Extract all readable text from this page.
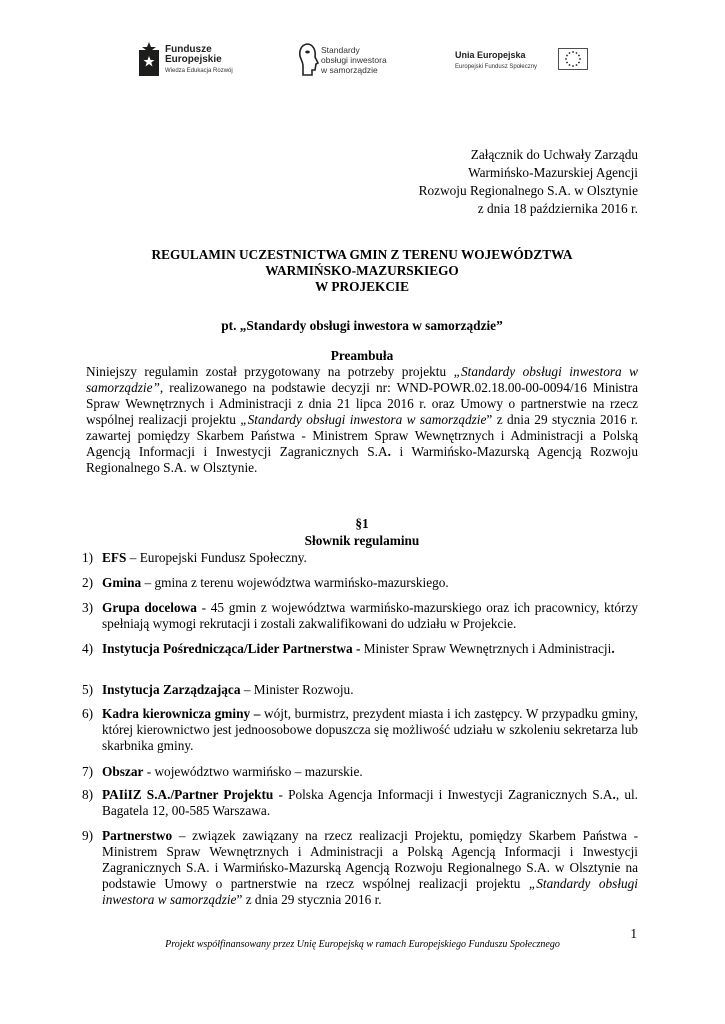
Fundusze
Europejskie
Wiedza Edukacja Rozwój
Standardy
obsługi inwestora
w samorządzie
Unia Europejska
Europejski Fundusz Społeczny
Załącznik do Uchwały Zarządu
Warmińsko-Mazurskiej Agencji
Rozwoju Regionalnego S.A. w Olsztynie
z dnia 18 października 2016 r.
REGULAMIN UCZESTNICTWA GMIN Z TERENU WOJEWÓDZTWA
WARMIŃSKO-MAZURSKIEGO
W PROJEKCIE
pt. „Standardy obsługi inwestora w samorządzie”
Preambuła
Niniejszy regulamin został przygotowany na potrzeby projektu „Standardy obsługi inwestora w samorządzie”, realizowanego na podstawie decyzji nr: WND-POWR.02.18.00-00-0094/16 Ministra Spraw Wewnętrznych i Administracji z dnia 21 lipca 2016 r. oraz Umowy o partnerstwie na rzecz wspólnej realizacji projektu „Standardy obsługi inwestora w samorządzie” z dnia 29 stycznia 2016 r. zawartej pomiędzy Skarbem Państwa - Ministrem Spraw Wewnętrznych i Administracji a Polską Agencją Informacji i Inwestycji Zagranicznych S.A. i Warmińsko-Mazurską Agencją Rozwoju Regionalnego S.A. w Olsztynie.
§1
Słownik regulaminu
1) EFS – Europejski Fundusz Społeczny.
2) Gmina – gmina z terenu województwa warmińsko-mazurskiego.
3) Grupa docelowa - 45 gmin z województwa warmińsko-mazurskiego oraz ich pracownicy, którzy spełniają wymogi rekrutacji i zostali zakwalifikowani do udziału w Projekcie.
4) Instytucja Pośrednicząca/Lider Partnerstwa - Minister Spraw Wewnętrznych i Administracji.
5) Instytucja Zarządzająca – Minister Rozwoju.
6) Kadra kierownicza gminy – wójt, burmistrz, prezydent miasta i ich zastępcy. W przypadku gminy, której kierownictwo jest jednoosobowe dopuszcza się możliwość udziału w szkoleniu sekretarza lub skarbnika gminy.
7) Obszar - województwo warmińsko – mazurskie.
8) PAIiIZ S.A./Partner Projektu - Polska Agencja Informacji i Inwestycji Zagranicznych S.A., ul. Bagatela 12, 00-585 Warszawa.
9) Partnerstwo – związek zawiązany na rzecz realizacji Projektu, pomiędzy Skarbem Państwa - Ministrem Spraw Wewnętrznych i Administracji a Polską Agencją Informacji i Inwestycji Zagranicznych S.A. i Warmińsko-Mazurską Agencją Rozwoju Regionalnego S.A. w Olsztynie na podstawie Umowy o partnerstwie na rzecz wspólnej realizacji projektu „Standardy obsługi inwestora w samorządzie” z dnia 29 stycznia 2016 r.
1
Projekt współfinansowany przez Unię Europejską w ramach Europejskiego Funduszu Społecznego
